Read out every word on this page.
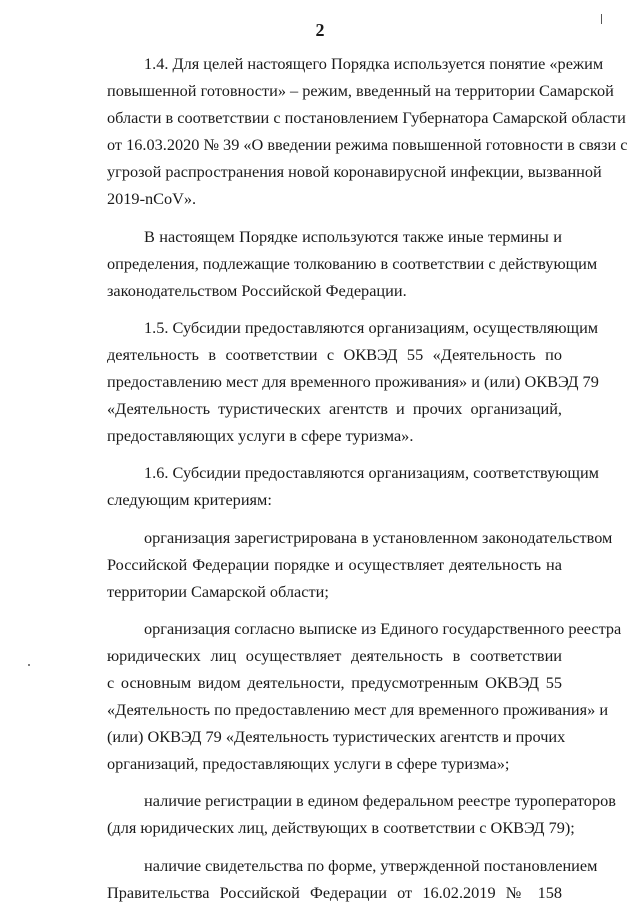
2
1.4. Для целей настоящего Порядка используется понятие «режим
повышенной готовности» – режим, введенный на территории Самарской
области в соответствии с постановлением Губернатора Самарской области
от 16.03.2020 № 39 «О введении режима повышенной готовности в связи с
угрозой распространения новой коронавирусной инфекции, вызванной
2019-nCoV».
В настоящем Порядке используются также иные термины и
определения, подлежащие толкованию в соответствии с действующим
законодательством Российской Федерации.
1.5. Субсидии предоставляются организациям, осуществляющим
деятельность в соответствии с ОКВЭД 55 «Деятельность по
предоставлению мест для временного проживания» и (или) ОКВЭД 79
«Деятельность туристических агентств и прочих организаций,
предоставляющих услуги в сфере туризма».
1.6. Субсидии предоставляются организациям, соответствующим
следующим критериям:
организация зарегистрирована в установленном законодательством
Российской Федерации порядке и осуществляет деятельность на
территории Самарской области;
организация согласно выписке из Единого государственного реестра
юридических лиц осуществляет деятельность в соответствии
с основным видом деятельности, предусмотренным ОКВЭД 55
«Деятельность по предоставлению мест для временного проживания» и
(или) ОКВЭД 79 «Деятельность туристических агентств и прочих
организаций, предоставляющих услуги в сфере туризма»;
наличие регистрации в едином федеральном реестре туроператоров
(для юридических лиц, действующих в соответствии с ОКВЭД 79);
наличие свидетельства по форме, утвержденной постановлением
Правительства Российской Федерации от 16.02.2019 № 158
